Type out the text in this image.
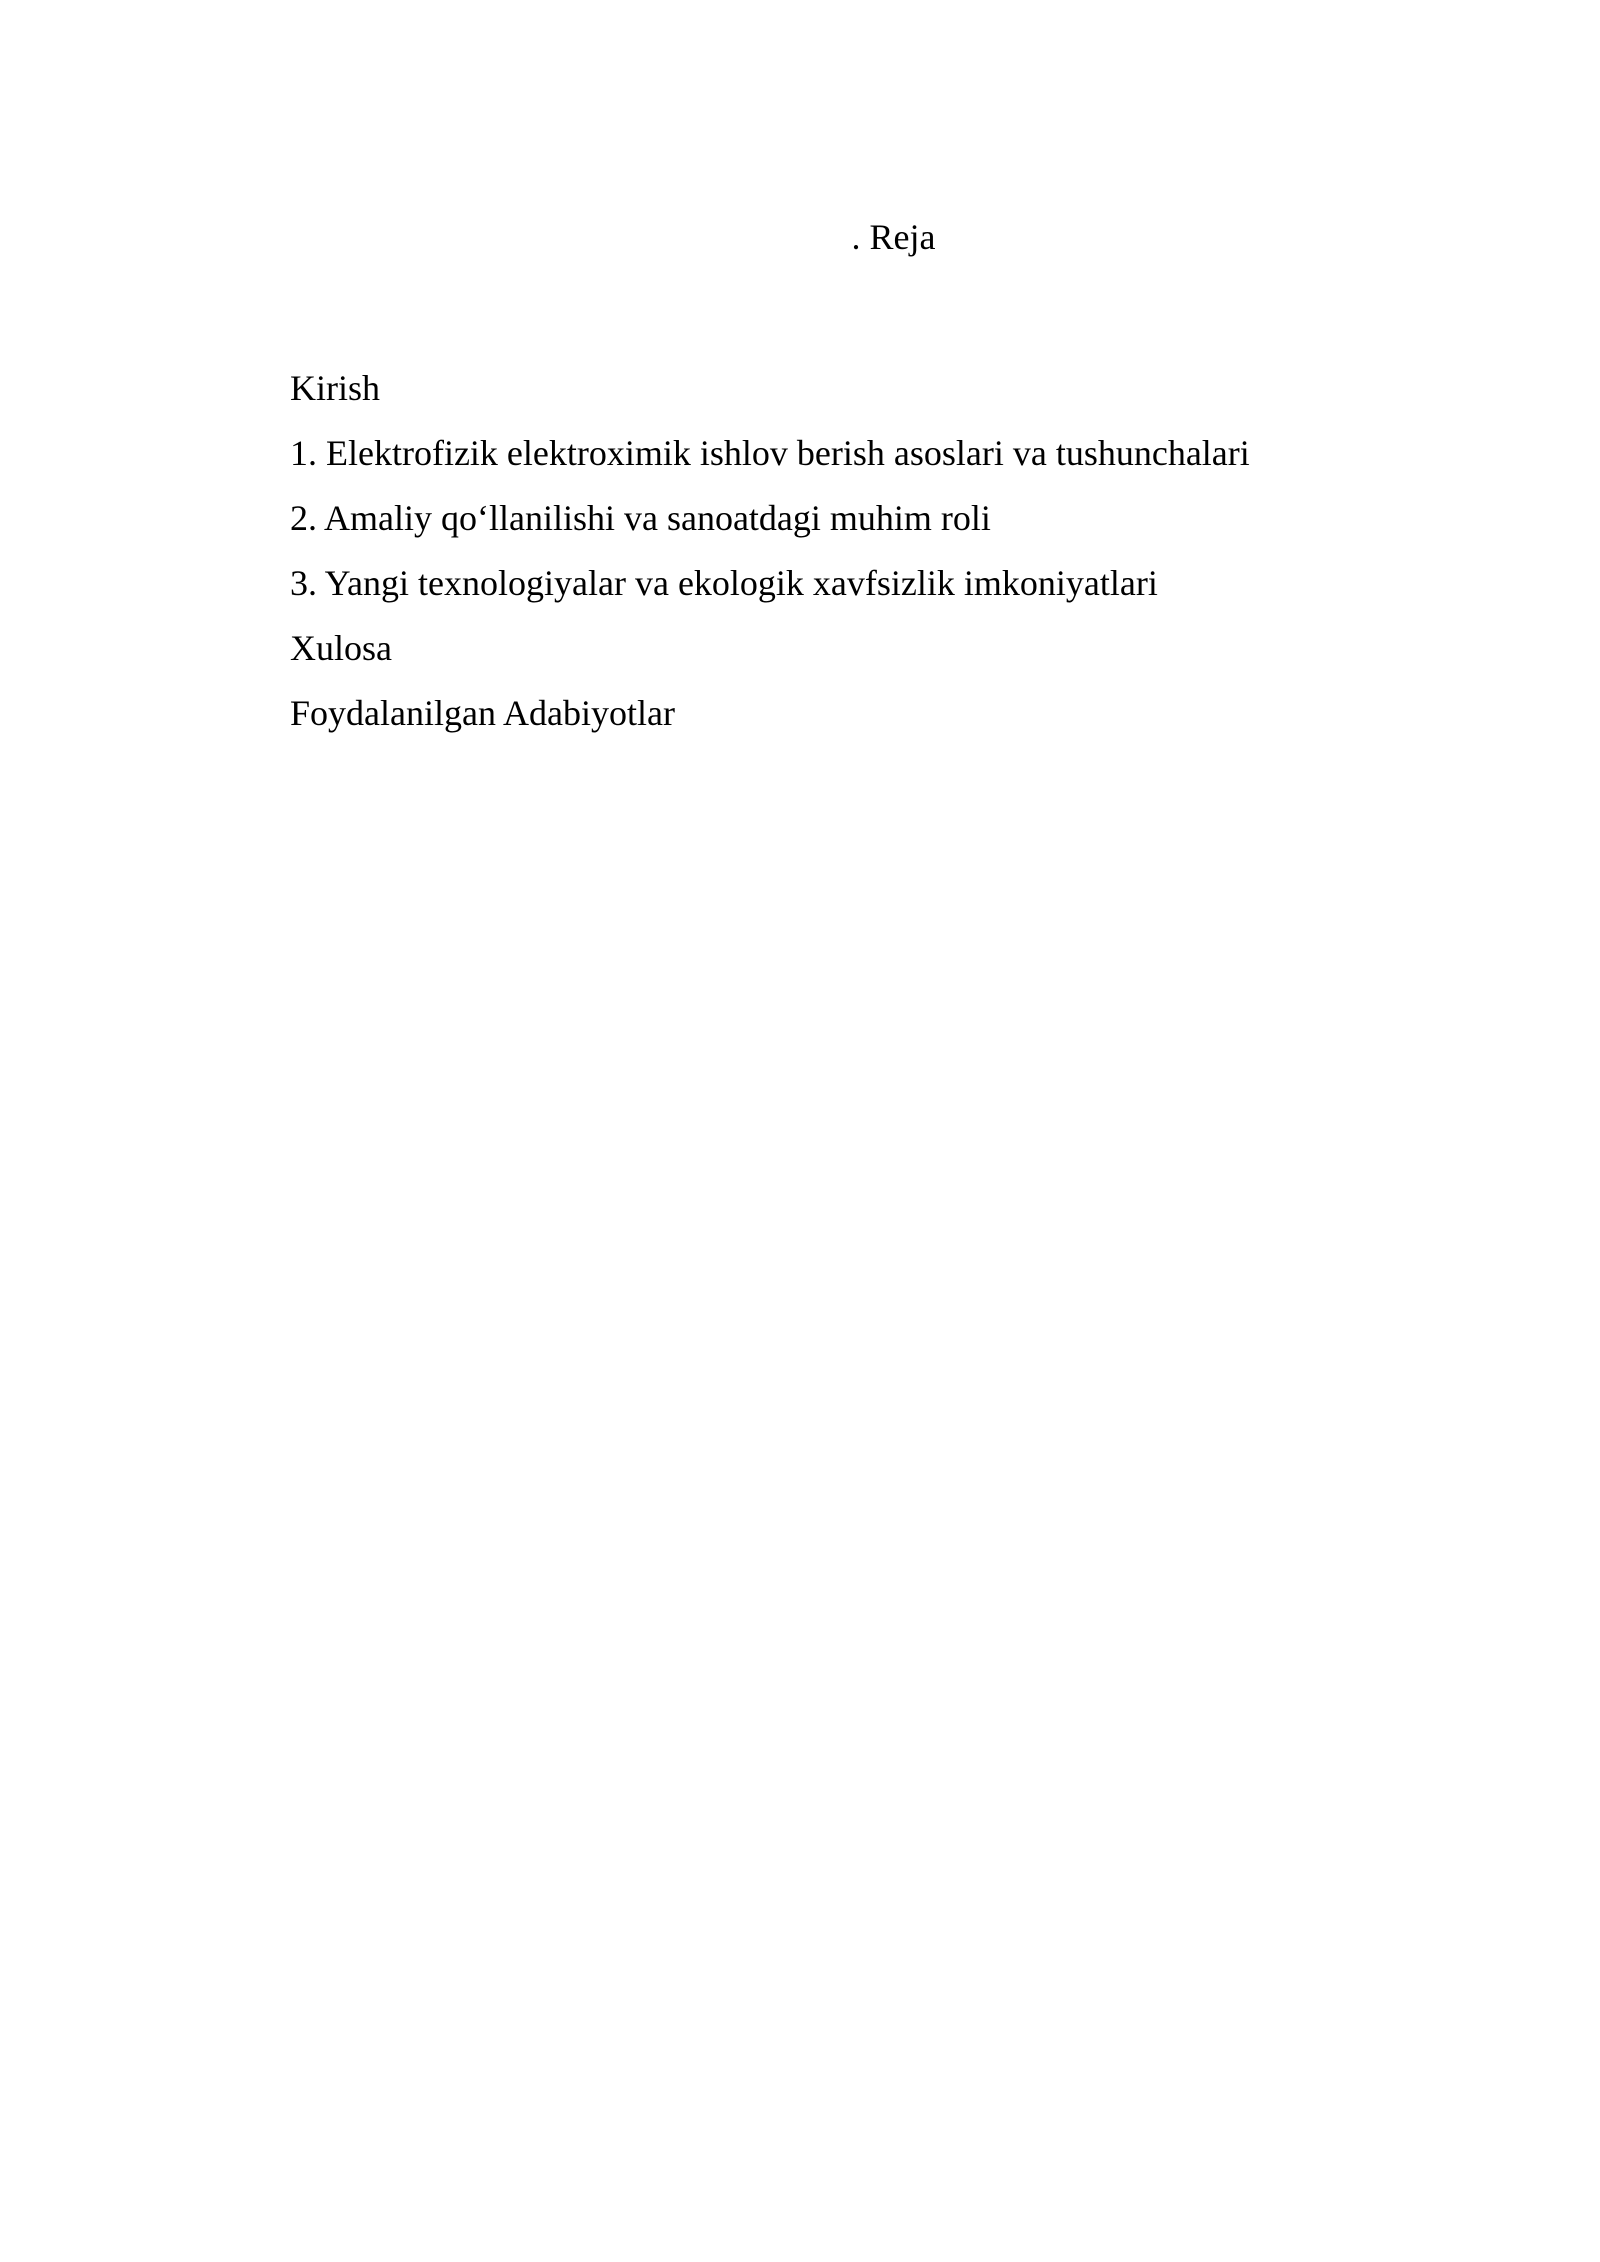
. Reja
Kirish
1. Elektrofizik elektroximik ishlov berish asoslari va tushunchalari
2. Amaliy qo‘llanilishi va sanoatdagi muhim roli
3. Yangi texnologiyalar va ekologik xavfsizlik imkoniyatlari
Xulosa
Foydalanilgan Adabiyotlar
